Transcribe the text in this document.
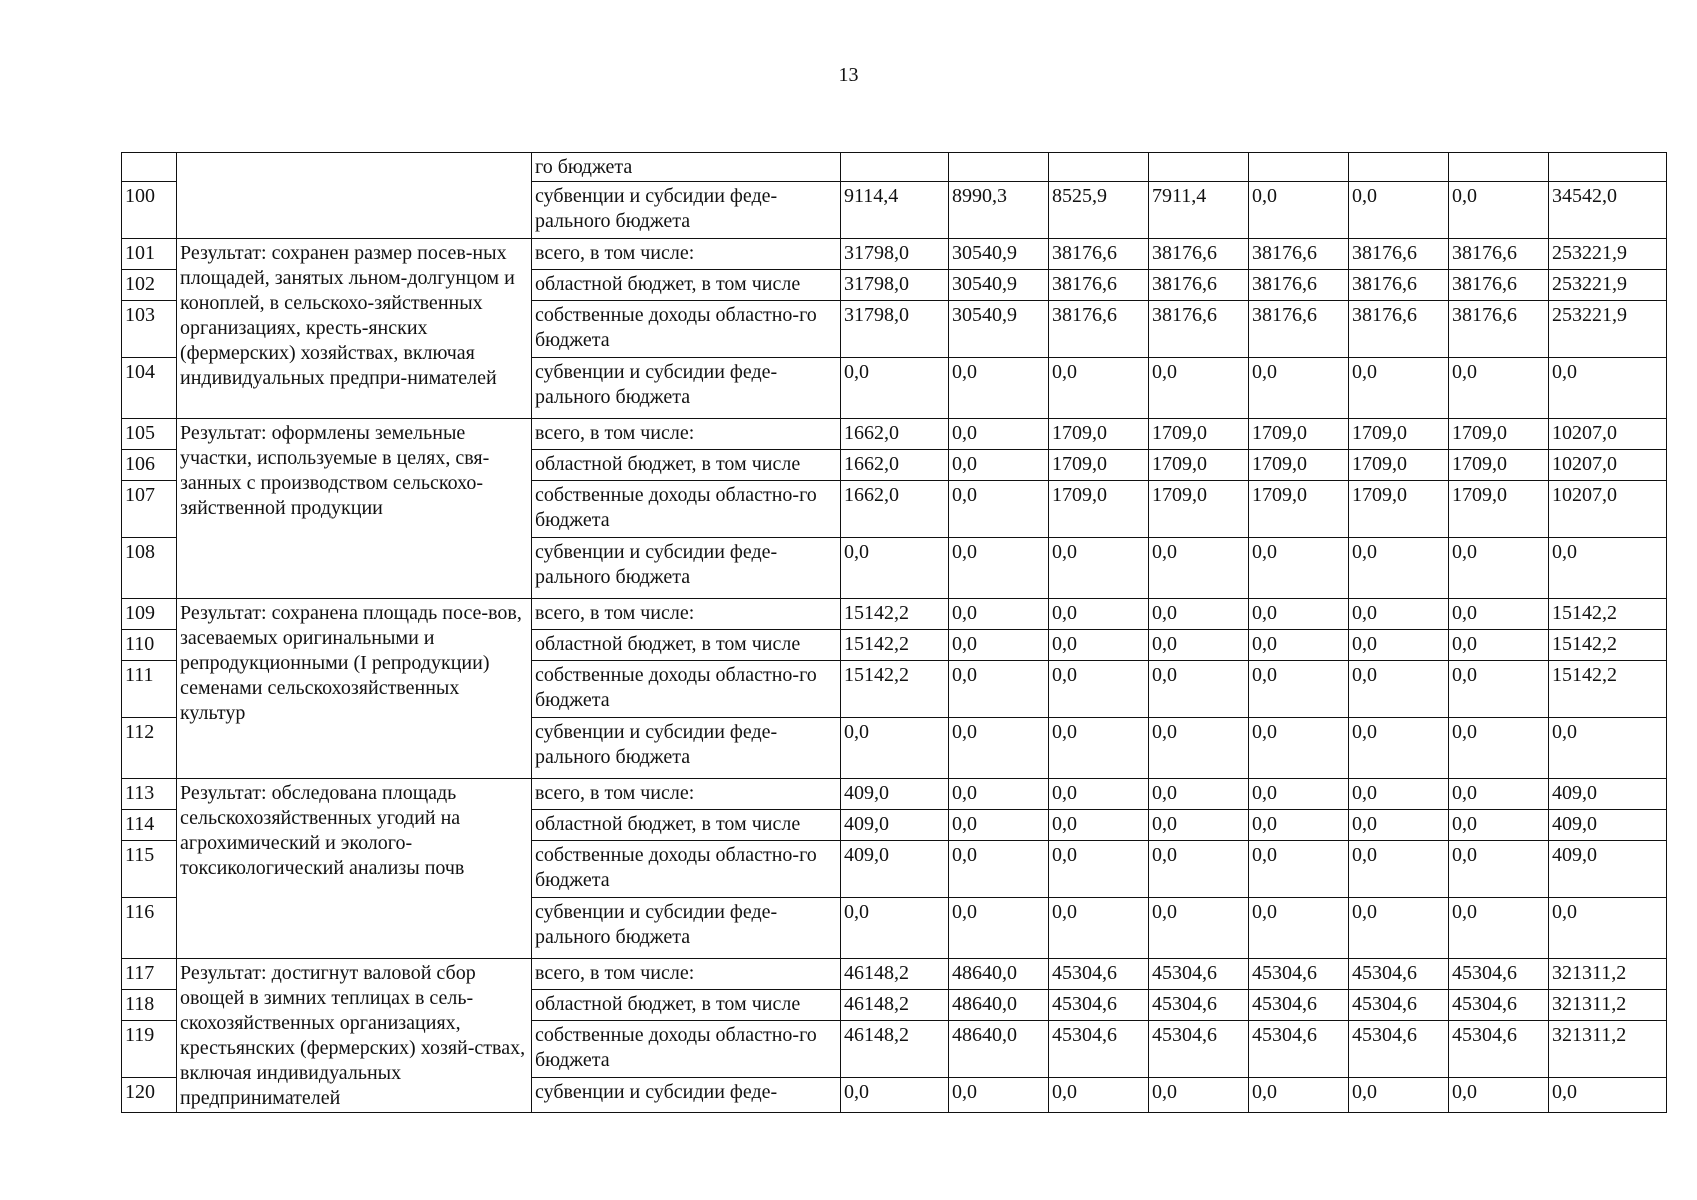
13
		го бюджета								
100		субвенции и субсидии феде-ральноrо бюджета	9114,4	8990,3	8525,9	7911,4	0,0	0,0	0,0	34542,0
101	Результат: сохранен размер посев-ных площадей, занятых льном-долгунцом и коноплей, в сельскохо-зяйственных организациях, кресть-янских (фермерских) хозяйствах, включая индивидуальных предпри-нимателей	всего, в том числе:	31798,0	30540,9	38176,6	38176,6	38176,6	38176,6	38176,6	253221,9
102		областной бюджет, в том числе	31798,0	30540,9	38176,6	38176,6	38176,6	38176,6	38176,6	253221,9
103		собственные доходы областно-го бюджета	31798,0	30540,9	38176,6	38176,6	38176,6	38176,6	38176,6	253221,9
104		субвенции и субсидии феде-ральноrо бюджета	0,0	0,0	0,0	0,0	0,0	0,0	0,0	0,0
105	Результат: оформлены земельные участки, используемые в целях, свя-занных с производством сельскохо-зяйственной продукции	всего, в том числе:	1662,0	0,0	1709,0	1709,0	1709,0	1709,0	1709,0	10207,0
106		областной бюджет, в том числе	1662,0	0,0	1709,0	1709,0	1709,0	1709,0	1709,0	10207,0
107		собственные доходы областно-го бюджета	1662,0	0,0	1709,0	1709,0	1709,0	1709,0	1709,0	10207,0
108		субвенции и субсидии феде-ральноrо бюджета	0,0	0,0	0,0	0,0	0,0	0,0	0,0	0,0
109	Результат: сохранена площадь посе-вов, засеваемых оригинальными и репродукционными (I репродукции) семенами сельскохозяйственных культур	всего, в том числе:	15142,2	0,0	0,0	0,0	0,0	0,0	0,0	15142,2
110		областной бюджет, в том числе	15142,2	0,0	0,0	0,0	0,0	0,0	0,0	15142,2
111		собственные доходы областно-го бюджета	15142,2	0,0	0,0	0,0	0,0	0,0	0,0	15142,2
112		субвенции и субсидии феде-ральноrо бюджета	0,0	0,0	0,0	0,0	0,0	0,0	0,0	0,0
113	Результат: обследована площадь сельскохозяйственных угодий на агрохимический и эколого-токсикологический анализы почв	всего, в том числе:	409,0	0,0	0,0	0,0	0,0	0,0	0,0	409,0
114		областной бюджет, в том числе	409,0	0,0	0,0	0,0	0,0	0,0	0,0	409,0
115		собственные доходы областно-го бюджета	409,0	0,0	0,0	0,0	0,0	0,0	0,0	409,0
116		субвенции и субсидии феде-ральноrо бюджета	0,0	0,0	0,0	0,0	0,0	0,0	0,0	0,0
117	Результат: достигнут валовой сбор овощей в зимних теплицах в сель-скохозяйственных организациях, крестьянских (фермерских) хозяй-ствах, включая индивидуальных предпринимателей	всего, в том числе:	46148,2	48640,0	45304,6	45304,6	45304,6	45304,6	45304,6	321311,2
118		областной бюджет, в том числе	46148,2	48640,0	45304,6	45304,6	45304,6	45304,6	45304,6	321311,2
119		собственные доходы областно-го бюджета	46148,2	48640,0	45304,6	45304,6	45304,6	45304,6	45304,6	321311,2
120		субвенции и субсидии феде-	0,0	0,0	0,0	0,0	0,0	0,0	0,0	0,0
